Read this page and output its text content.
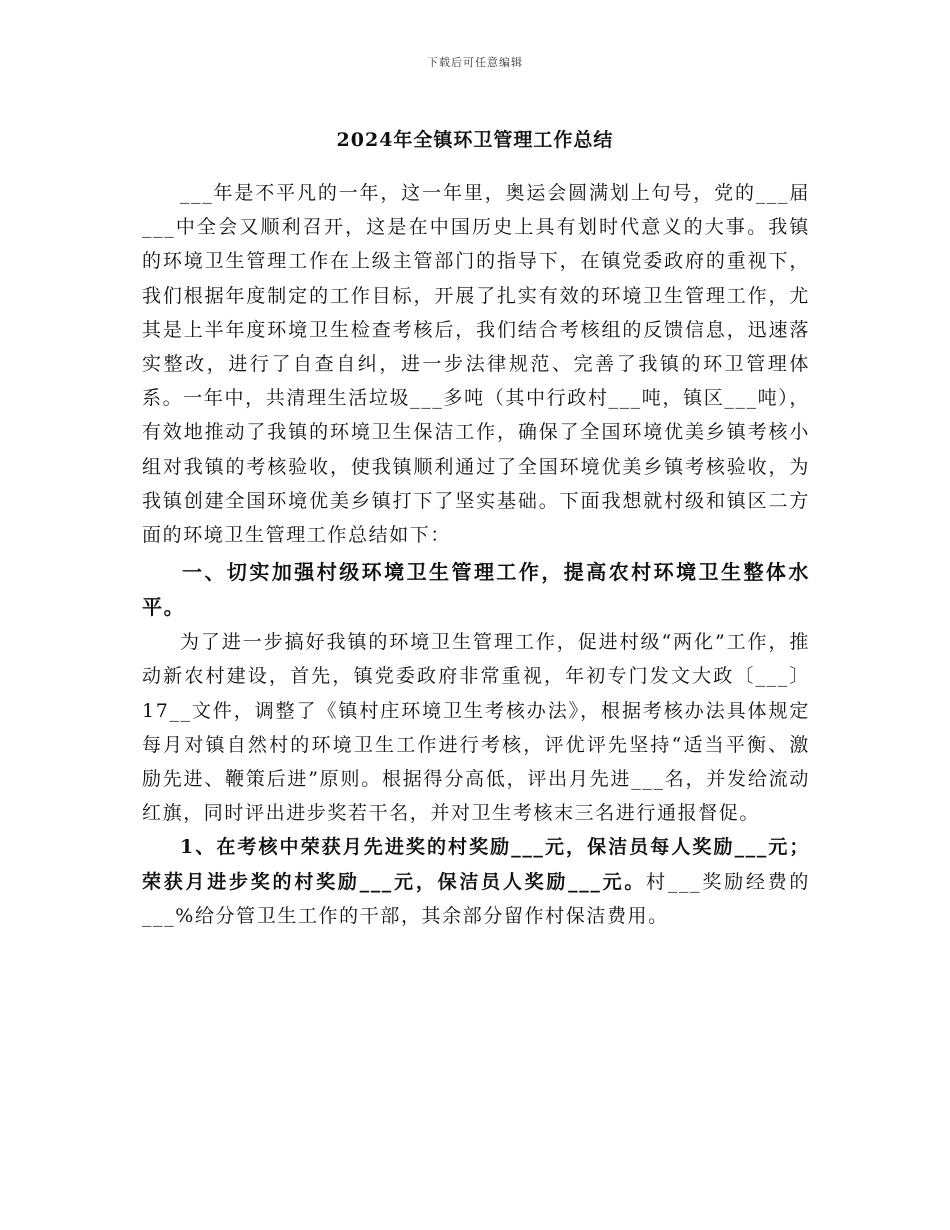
下载后可任意编辑
2024年全镇环卫管理工作总结

___年是不平凡的一年，这一年里，奥运会圆满划上句号，党的___届___中全会又顺利召开，这是在中国历史上具有划时代意义的大事。我镇的环境卫生管理工作在上级主管部门的指导下，在镇党委政府的重视下，我们根据年度制定的工作目标，开展了扎实有效的环境卫生管理工作，尤其是上半年度环境卫生检查考核后，我们结合考核组的反馈信息，迅速落实整改，进行了自查自纠，进一步法律规范、完善了我镇的环卫管理体系。一年中，共清理生活垃圾___多吨（其中行政村___吨，镇区___吨），有效地推动了我镇的环境卫生保洁工作，确保了全国环境优美乡镇考核小组对我镇的考核验收，使我镇顺利通过了全国环境优美乡镇考核验收，为我镇创建全国环境优美乡镇打下了坚实基础。下面我想就村级和镇区二方面的环境卫生管理工作总结如下：

一、切实加强村级环境卫生管理工作，提高农村环境卫生整体水平。

为了进一步搞好我镇的环境卫生管理工作，促进村级“两化”工作，推动新农村建设，首先，镇党委政府非常重视，年初专门发文大政〔___〕17__文件，调整了《镇村庄环境卫生考核办法》，根据考核办法具体规定每月对镇自然村的环境卫生工作进行考核，评优评先坚持“适当平衡、激励先进、鞭策后进”原则。根据得分高低，评出月先进___名，并发给流动红旗，同时评出进步奖若干名，并对卫生考核末三名进行通报督促。

1、在考核中荣获月先进奖的村奖励___元，保洁员每人奖励___元；荣获月进步奖的村奖励___元，保洁员人奖励___元。村___奖励经费的___%给分管卫生工作的干部，其余部分留作村保洁费用。
